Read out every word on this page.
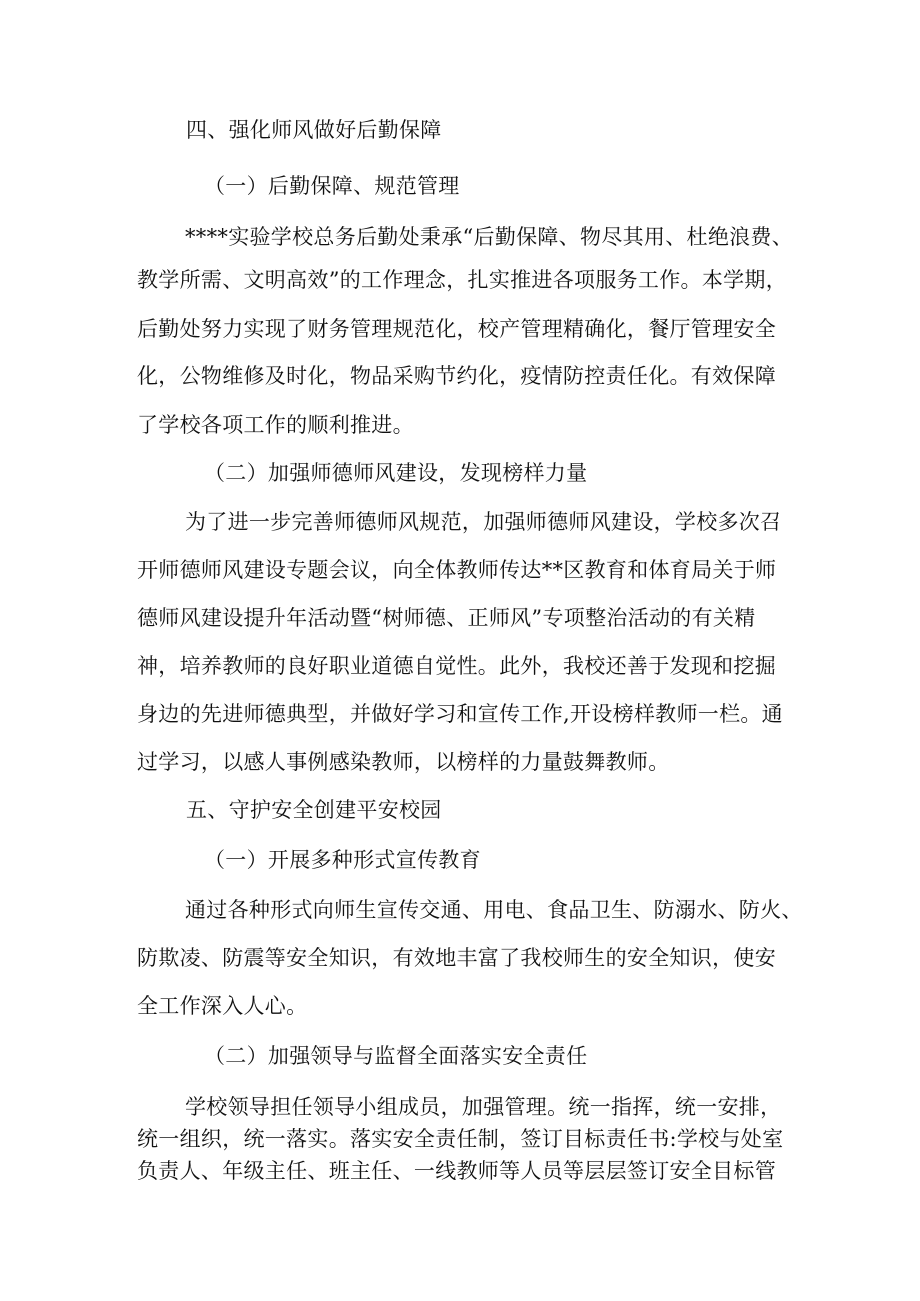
四、强化师风做好后勤保障
（一）后勤保障、规范管理
****实验学校总务后勤处秉承“后勤保障、物尽其用、杜绝浪费、
教学所需、文明高效”的工作理念，扎实推进各项服务工作。本学期，
后勤处努力实现了财务管理规范化，校产管理精确化，餐厅管理安全
化，公物维修及时化，物品采购节约化，疫情防控责任化。有效保障
了学校各项工作的顺利推进。
（二）加强师德师风建设，发现榜样力量
为了进一步完善师德师风规范，加强师德师风建设，学校多次召
开师德师风建设专题会议，向全体教师传达**区教育和体育局关于师
德师风建设提升年活动暨“树师德、正师风”专项整治活动的有关精
神，培养教师的良好职业道德自觉性。此外，我校还善于发现和挖掘
身边的先进师德典型，并做好学习和宣传工作,开设榜样教师一栏。通
过学习，以感人事例感染教师，以榜样的力量鼓舞教师。
五、守护安全创建平安校园
（一）开展多种形式宣传教育
通过各种形式向师生宣传交通、用电、食品卫生、防溺水、防火、
防欺凌、防震等安全知识，有效地丰富了我校师生的安全知识，使安
全工作深入人心。
（二）加强领导与监督全面落实安全责任
学校领导担任领导小组成员，加强管理。统一指挥，统一安排，
统一组织，统一落实。落实安全责任制，签订目标责任书:学校与处室
负责人、年级主任、班主任、一线教师等人员等层层签订安全目标管
